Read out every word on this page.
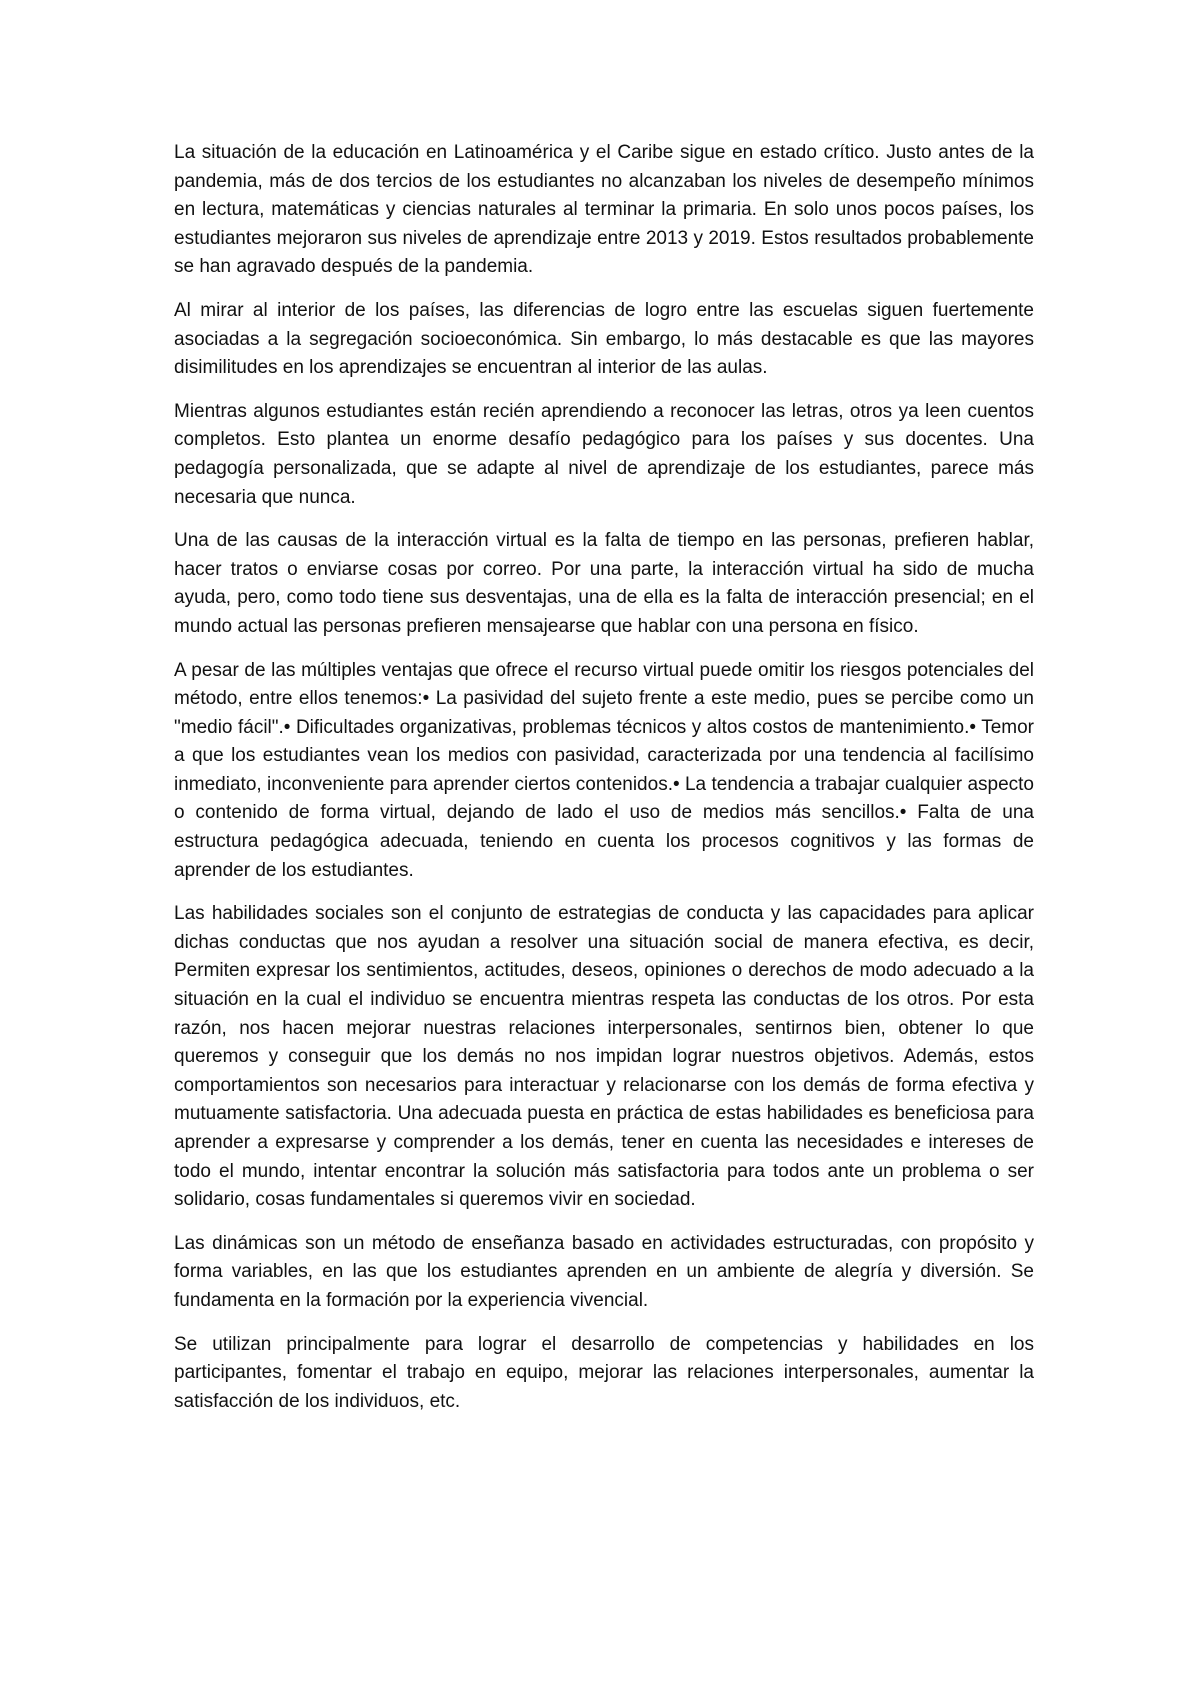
La situación de la educación en Latinoamérica y el Caribe sigue en estado crítico. Justo antes de la pandemia, más de dos tercios de los estudiantes no alcanzaban los niveles de desempeño mínimos en lectura, matemáticas y ciencias naturales al terminar la primaria. En solo unos pocos países, los estudiantes mejoraron sus niveles de aprendizaje entre 2013 y 2019. Estos resultados probablemente se han agravado después de la pandemia.

Al mirar al interior de los países, las diferencias de logro entre las escuelas siguen fuertemente asociadas a la segregación socioeconómica. Sin embargo, lo más destacable es que las mayores disimilitudes en los aprendizajes se encuentran al interior de las aulas.

Mientras algunos estudiantes están recién aprendiendo a reconocer las letras, otros ya leen cuentos completos. Esto plantea un enorme desafío pedagógico para los países y sus docentes. Una pedagogía personalizada, que se adapte al nivel de aprendizaje de los estudiantes, parece más necesaria que nunca.

Una de las causas de la interacción virtual es la falta de tiempo en las personas, prefieren hablar, hacer tratos o enviarse cosas por correo. Por una parte, la interacción virtual ha sido de mucha ayuda, pero, como todo tiene sus desventajas, una de ella es la falta de interacción presencial; en el mundo actual las personas prefieren mensajearse que hablar con una persona en físico.

A pesar de las múltiples ventajas que ofrece el recurso virtual puede omitir los riesgos potenciales del método, entre ellos tenemos:• La pasividad del sujeto frente a este medio, pues se percibe como un "medio fácil".• Dificultades organizativas, problemas técnicos y altos costos de mantenimiento.• Temor a que los estudiantes vean los medios con pasividad, caracterizada por una tendencia al facilísimo inmediato, inconveniente para aprender ciertos contenidos.• La tendencia a trabajar cualquier aspecto o contenido de forma virtual, dejando de lado el uso de medios más sencillos.• Falta de una estructura pedagógica adecuada, teniendo en cuenta los procesos cognitivos y las formas de aprender de los estudiantes.

Las habilidades sociales son el conjunto de estrategias de conducta y las capacidades para aplicar dichas conductas que nos ayudan a resolver una situación social de manera efectiva, es decir, Permiten expresar los sentimientos, actitudes, deseos, opiniones o derechos de modo adecuado a la situación en la cual el individuo se encuentra mientras respeta las conductas de los otros. Por esta razón, nos hacen mejorar nuestras relaciones interpersonales, sentirnos bien, obtener lo que queremos y conseguir que los demás no nos impidan lograr nuestros objetivos. Además, estos comportamientos son necesarios para interactuar y relacionarse con los demás de forma efectiva y mutuamente satisfactoria. Una adecuada puesta en práctica de estas habilidades es beneficiosa para aprender a expresarse y comprender a los demás, tener en cuenta las necesidades e intereses de todo el mundo, intentar encontrar la solución más satisfactoria para todos ante un problema o ser solidario, cosas fundamentales si queremos vivir en sociedad.

Las dinámicas son un método de enseñanza basado en actividades estructuradas, con propósito y forma variables, en las que los estudiantes aprenden en un ambiente de alegría y diversión. Se fundamenta en la formación por la experiencia vivencial.

Se utilizan principalmente para lograr el desarrollo de competencias y habilidades en los participantes, fomentar el trabajo en equipo, mejorar las relaciones interpersonales, aumentar la satisfacción de los individuos, etc.
